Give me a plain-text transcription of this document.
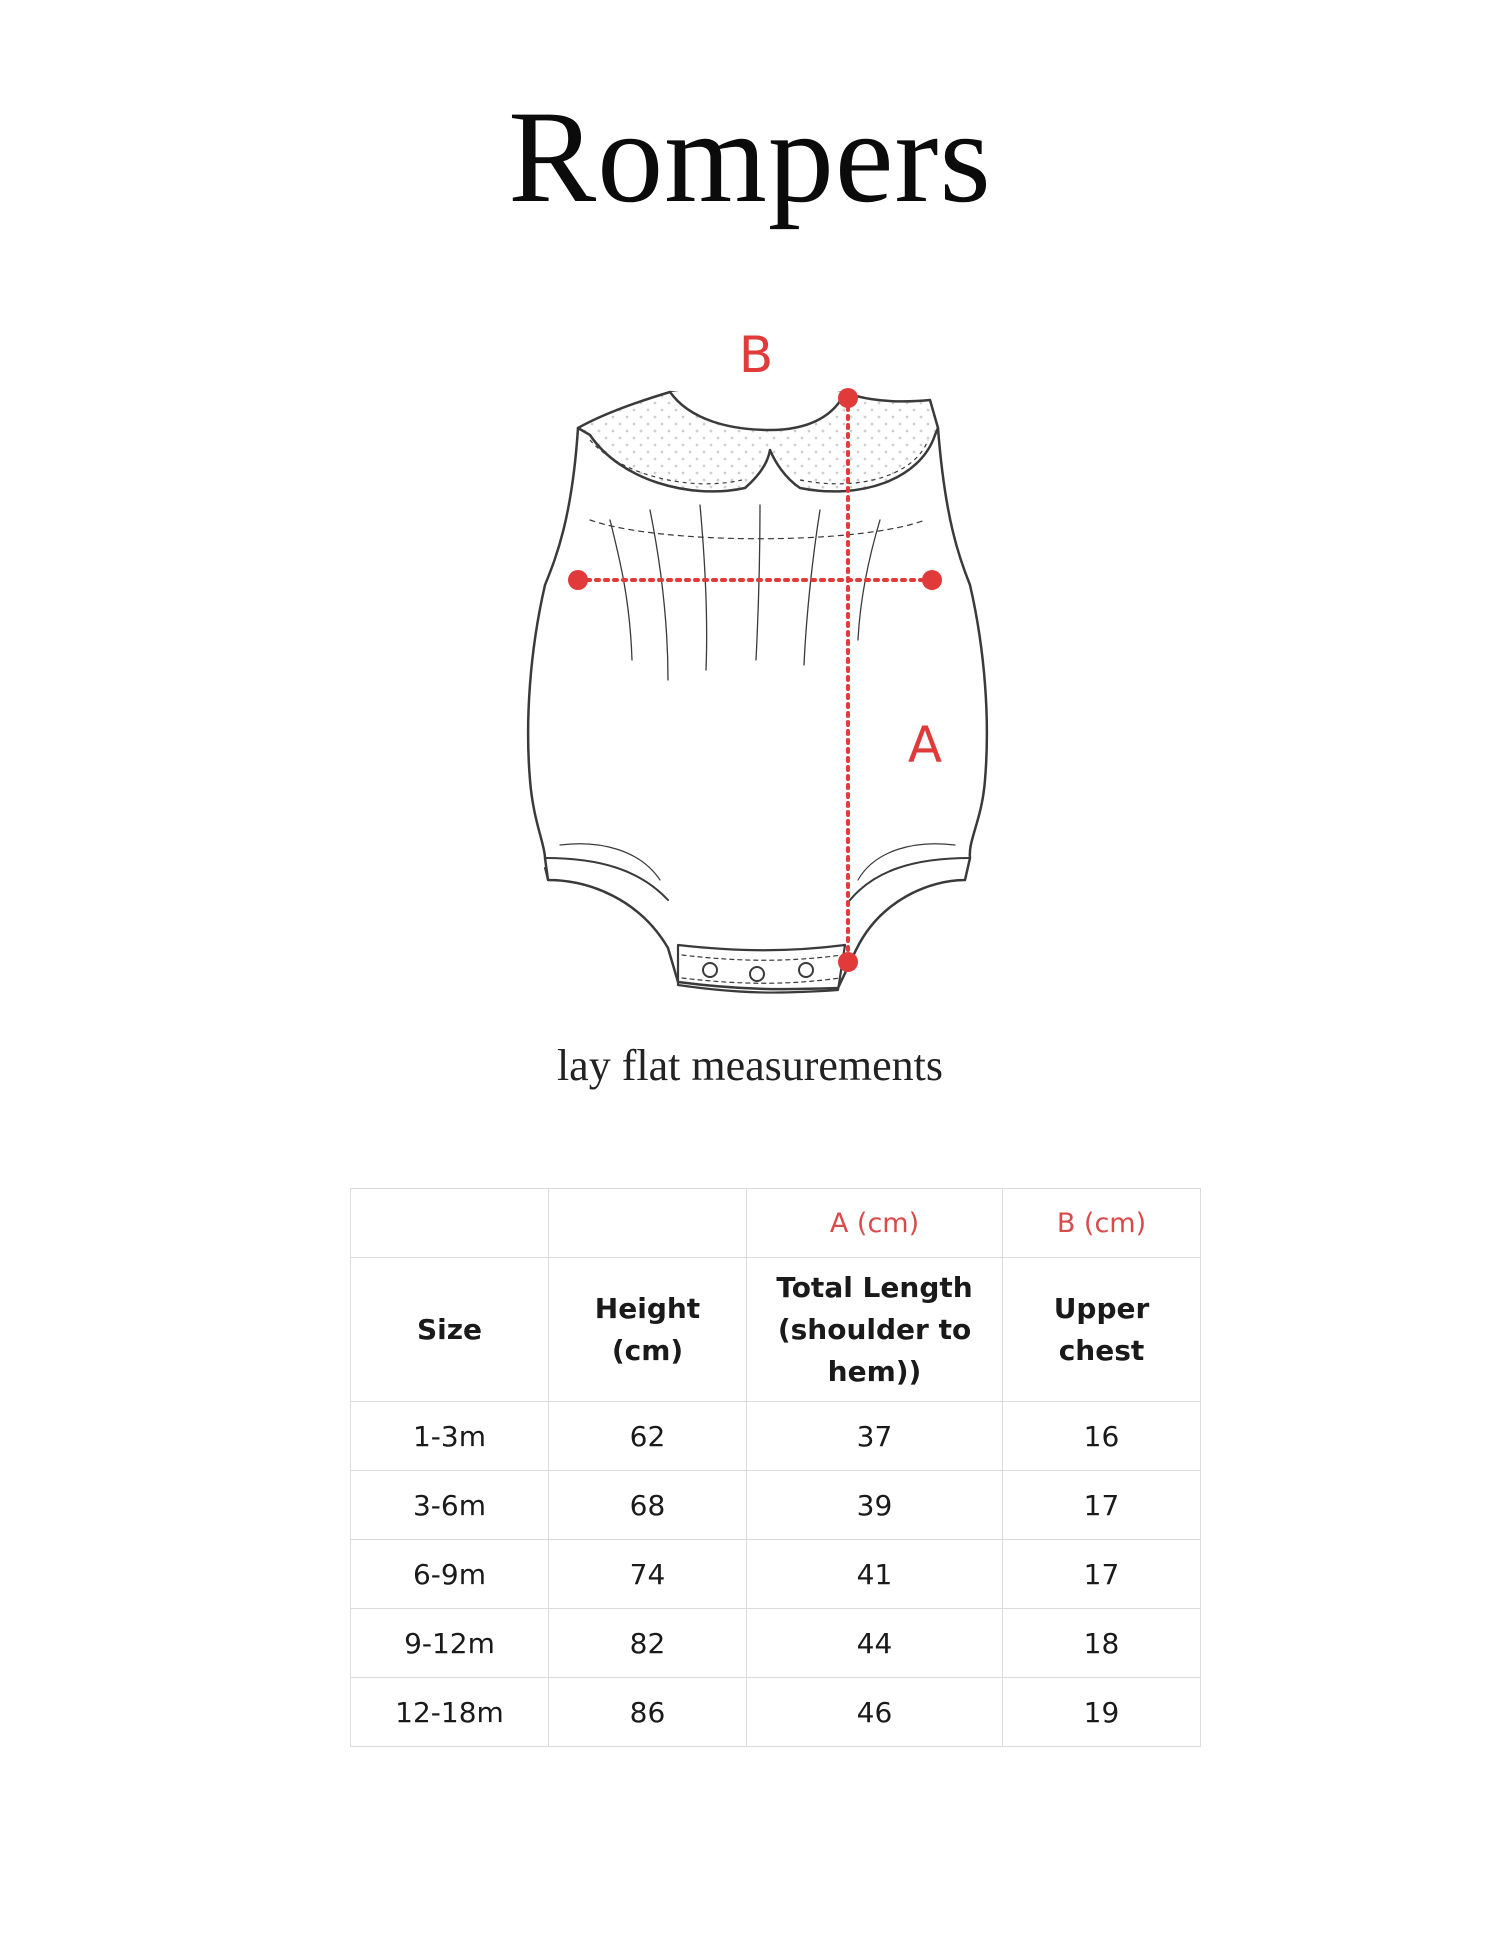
Rompers
B
A
lay flat measurements
		A (cm)	B (cm)
Size	Height (cm)	Total Length (shoulder to hem))	Upper chest
1-3m	62	37	16
3-6m	68	39	17
6-9m	74	41	17
9-12m	82	44	18
12-18m	86	46	19
